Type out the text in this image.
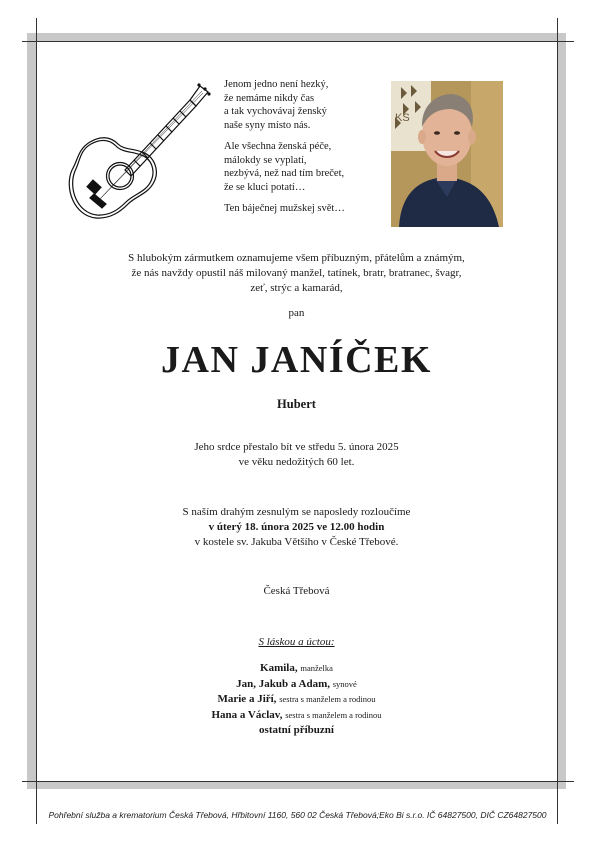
Jenom jedno není hezký,
že nemáme nikdy čas
a tak vychovávaj ženský
naše syny místo nás.
Ale všechna ženská péče,
málokdy se vyplatí,
nezbývá, než nad tím brečet,
že se kluci potatí…
Ten báječnej mužskej svět…
KS
S hlubokým zármutkem oznamujeme všem příbuzným, přátelům a známým,
že nás navždy opustil náš milovaný manžel, tatínek, bratr, bratranec, švagr,
zeť, strýc a kamarád,
pan
JAN JANÍČEK
Hubert
Jeho srdce přestalo bít ve středu 5. února 2025
ve věku nedožitých 60 let.
S naším drahým zesnulým se naposledy rozloučíme
v úterý 18. února 2025 ve 12.00 hodin
v kostele sv. Jakuba Většího v České Třebové.
Česká Třebová
S láskou a úctou:
Kamila, manželka
Jan, Jakub a Adam, synové
Marie a Jiří, sestra s manželem a rodinou
Hana a Václav, sestra s manželem a rodinou
ostatní příbuzní
Pohřební služba a krematorium Česká Třebová, Hřbitovní 1160, 560 02 Česká Třebová;Eko Bi s.r.o. IČ 64827500, DIČ CZ64827500
